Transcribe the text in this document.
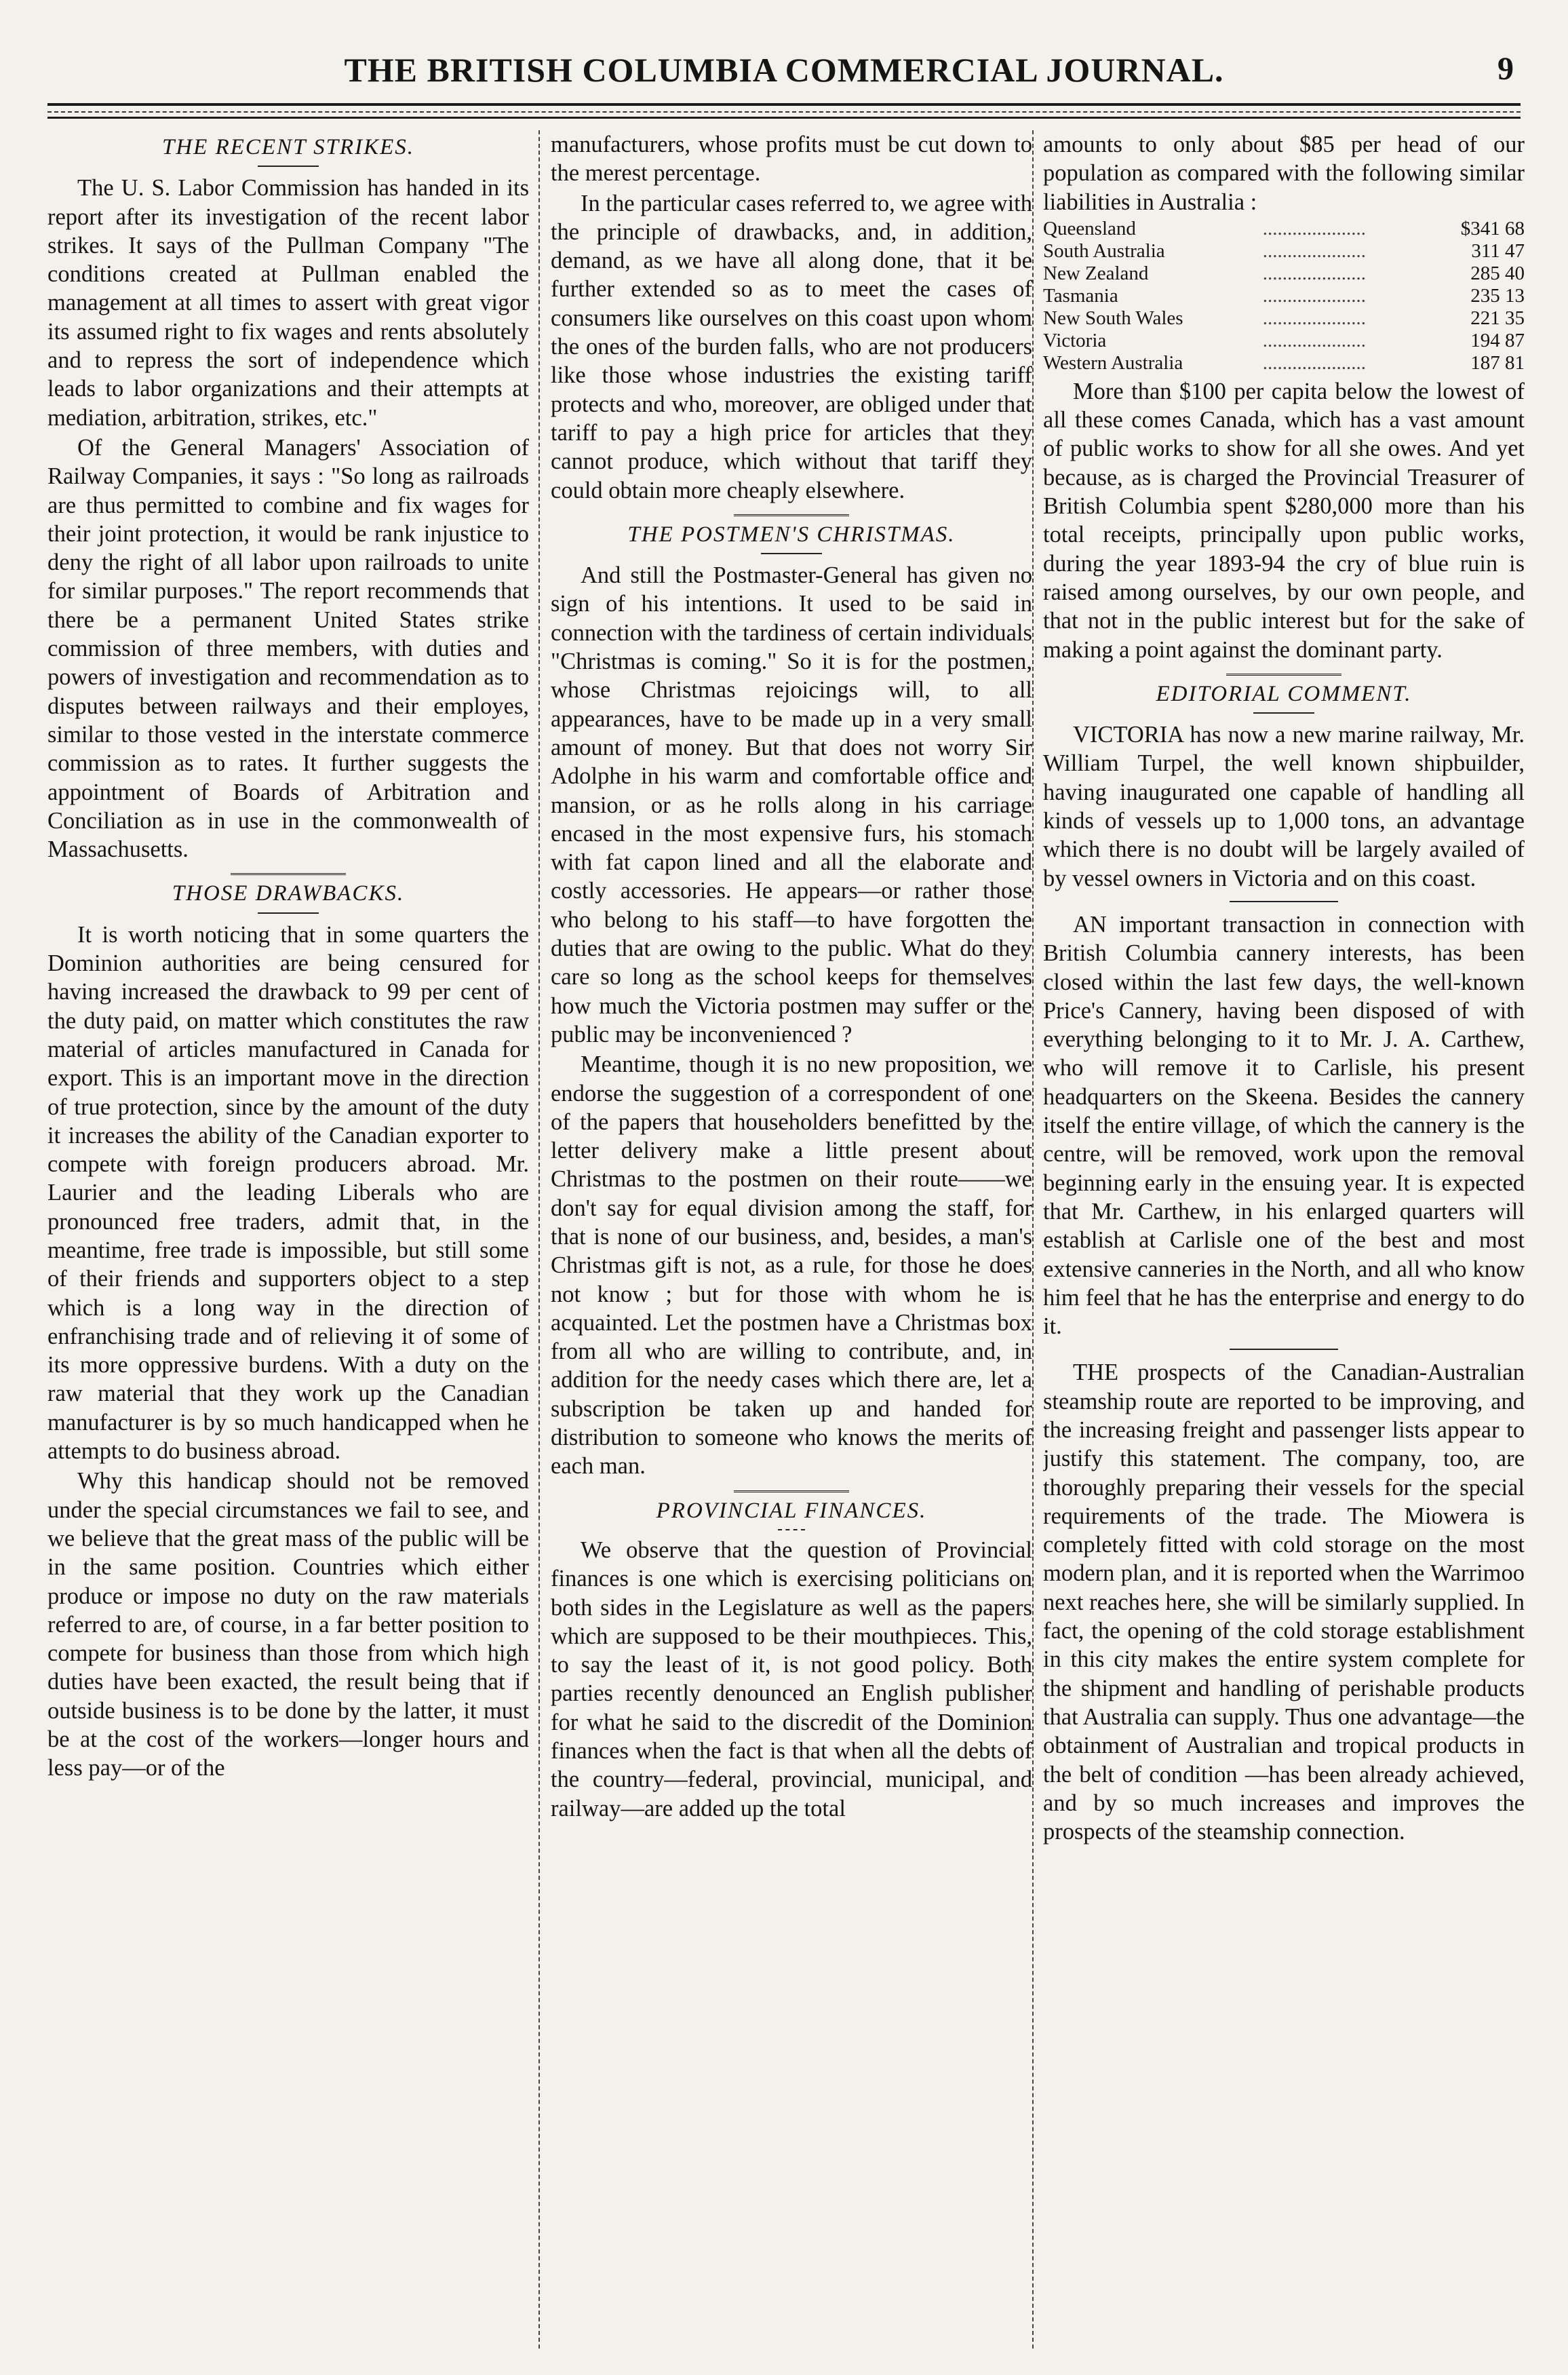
THE BRITISH COLUMBIA COMMERCIAL JOURNAL.	9
THE RECENT STRIKES.

The U. S. Labor Commission has handed in its report after its investigation of the recent labor strikes. It says of the Pullman Company "The conditions created at Pullman enabled the management at all times to assert with great vigor its assumed right to fix wages and rents absolutely and to repress the sort of independence which leads to labor organizations and their attempts at mediation, arbitration, strikes, etc."

Of the General Managers' Association of Railway Companies, it says : "So long as railroads are thus permitted to combine and fix wages for their joint protection, it would be rank injustice to deny the right of all labor upon railroads to unite for similar purposes." The report recommends that there be a permanent United States strike commission of three members, with duties and powers of investigation and recommendation as to disputes between railways and their employes, similar to those vested in the interstate commerce commission as to rates. It further suggests the appointment of Boards of Arbitration and Conciliation as in use in the commonwealth of Massachusetts.

THOSE DRAWBACKS.

It is worth noticing that in some quarters the Dominion authorities are being censured for having increased the drawback to 99 per cent of the duty paid, on matter which constitutes the raw material of articles manufactured in Canada for export. This is an important move in the direction of true protection, since by the amount of the duty it increases the ability of the Canadian exporter to compete with foreign producers abroad. Mr. Laurier and the leading Liberals who are pronounced free traders, admit that, in the meantime, free trade is impossible, but still some of their friends and supporters object to a step which is a long way in the direction of enfranchising trade and of relieving it of some of its more oppressive burdens. With a duty on the raw material that they work up the Canadian manufacturer is by so much handicapped when he attempts to do business abroad.

Why this handicap should not be removed under the special circumstances we fail to see, and we believe that the great mass of the public will be in the same position. Countries which either produce or impose no duty on the raw materials referred to are, of course, in a far better position to compete for business than those from which high duties have been exacted, the result being that if outside business is to be done by the latter, it must be at the cost of the workers—longer hours and less pay—or of the

manufacturers, whose profits must be cut down to the merest percentage.

In the particular cases referred to, we agree with the principle of drawbacks, and, in addition, demand, as we have all along done, that it be further extended so as to meet the cases of consumers like ourselves on this coast upon whom the ones of the burden falls, who are not producers like those whose industries the existing tariff protects and who, moreover, are obliged under that tariff to pay a high price for articles that they cannot produce, which without that tariff they could obtain more cheaply elsewhere.

THE POSTMEN'S CHRISTMAS.

And still the Postmaster-General has given no sign of his intentions. It used to be said in connection with the tardiness of certain individuals "Christmas is coming." So it is for the postmen, whose Christmas rejoicings will, to all appearances, have to be made up in a very small amount of money. But that does not worry Sir Adolphe in his warm and comfortable office and mansion, or as he rolls along in his carriage encased in the most expensive furs, his stomach with fat capon lined and all the elaborate and costly accessories. He appears—or rather those who belong to his staff—to have forgotten the duties that are owing to the public. What do they care so long as the school keeps for themselves how much the Victoria postmen may suffer or the public may be inconvenienced ?

Meantime, though it is no new proposition, we endorse the suggestion of a correspondent of one of the papers that householders benefitted by the letter delivery make a little present about Christmas to the postmen on their route——we don't say for equal division among the staff, for that is none of our business, and, besides, a man's Christmas gift is not, as a rule, for those he does not know ; but for those with whom he is acquainted. Let the postmen have a Christmas box from all who are willing to contribute, and, in addition for the needy cases which there are, let a subscription be taken up and handed for distribution to someone who knows the merits of each man.

PROVINCIAL FINANCES.

We observe that the question of Provincial finances is one which is exercising politicians on both sides in the Legislature as well as the papers which are supposed to be their mouthpieces. This, to say the least of it, is not good policy. Both parties recently denounced an English publisher for what he said to the discredit of the Dominion finances when the fact is that when all the debts of the country—federal, provincial, municipal, and railway—are added up the total

amounts to only about $85 per head of our population as compared with the following similar liabilities in Australia :

Queensland	.....................	$341 68
South Australia	.....................	311 47
New Zealand	.....................	285 40
Tasmania	.....................	235 13
New South Wales	.....................	221 35
Victoria	.....................	194 87
Western Australia	.....................	187 81

More than $100 per capita below the lowest of all these comes Canada, which has a vast amount of public works to show for all she owes. And yet because, as is charged the Provincial Treasurer of British Columbia spent $280,000 more than his total receipts, principally upon public works, during the year 1893-94 the cry of blue ruin is raised among ourselves, by our own people, and that not in the public interest but for the sake of making a point against the dominant party.

EDITORIAL COMMENT.

VICTORIA has now a new marine railway, Mr. William Turpel, the well known shipbuilder, having inaugurated one capable of handling all kinds of vessels up to 1,000 tons, an advantage which there is no doubt will be largely availed of by vessel owners in Victoria and on this coast.

AN important transaction in connection with British Columbia cannery interests, has been closed within the last few days, the well-known Price's Cannery, having been disposed of with everything belonging to it to Mr. J. A. Carthew, who will remove it to Carlisle, his present headquarters on the Skeena. Besides the cannery itself the entire village, of which the cannery is the centre, will be removed, work upon the removal beginning early in the ensuing year. It is expected that Mr. Carthew, in his enlarged quarters will establish at Carlisle one of the best and most extensive canneries in the North, and all who know him feel that he has the enterprise and energy to do it.

THE prospects of the Canadian-Australian steamship route are reported to be improving, and the increasing freight and passenger lists appear to justify this statement. The company, too, are thoroughly preparing their vessels for the special requirements of the trade. The Miowera is completely fitted with cold storage on the most modern plan, and it is reported when the Warrimoo next reaches here, she will be similarly supplied. In fact, the opening of the cold storage establishment in this city makes the entire system complete for the shipment and handling of perishable products that Australia can supply. Thus one advantage—the obtainment of Australian and tropical products in the belt of condition —has been already achieved, and by so much increases and improves the prospects of the steamship connection.
